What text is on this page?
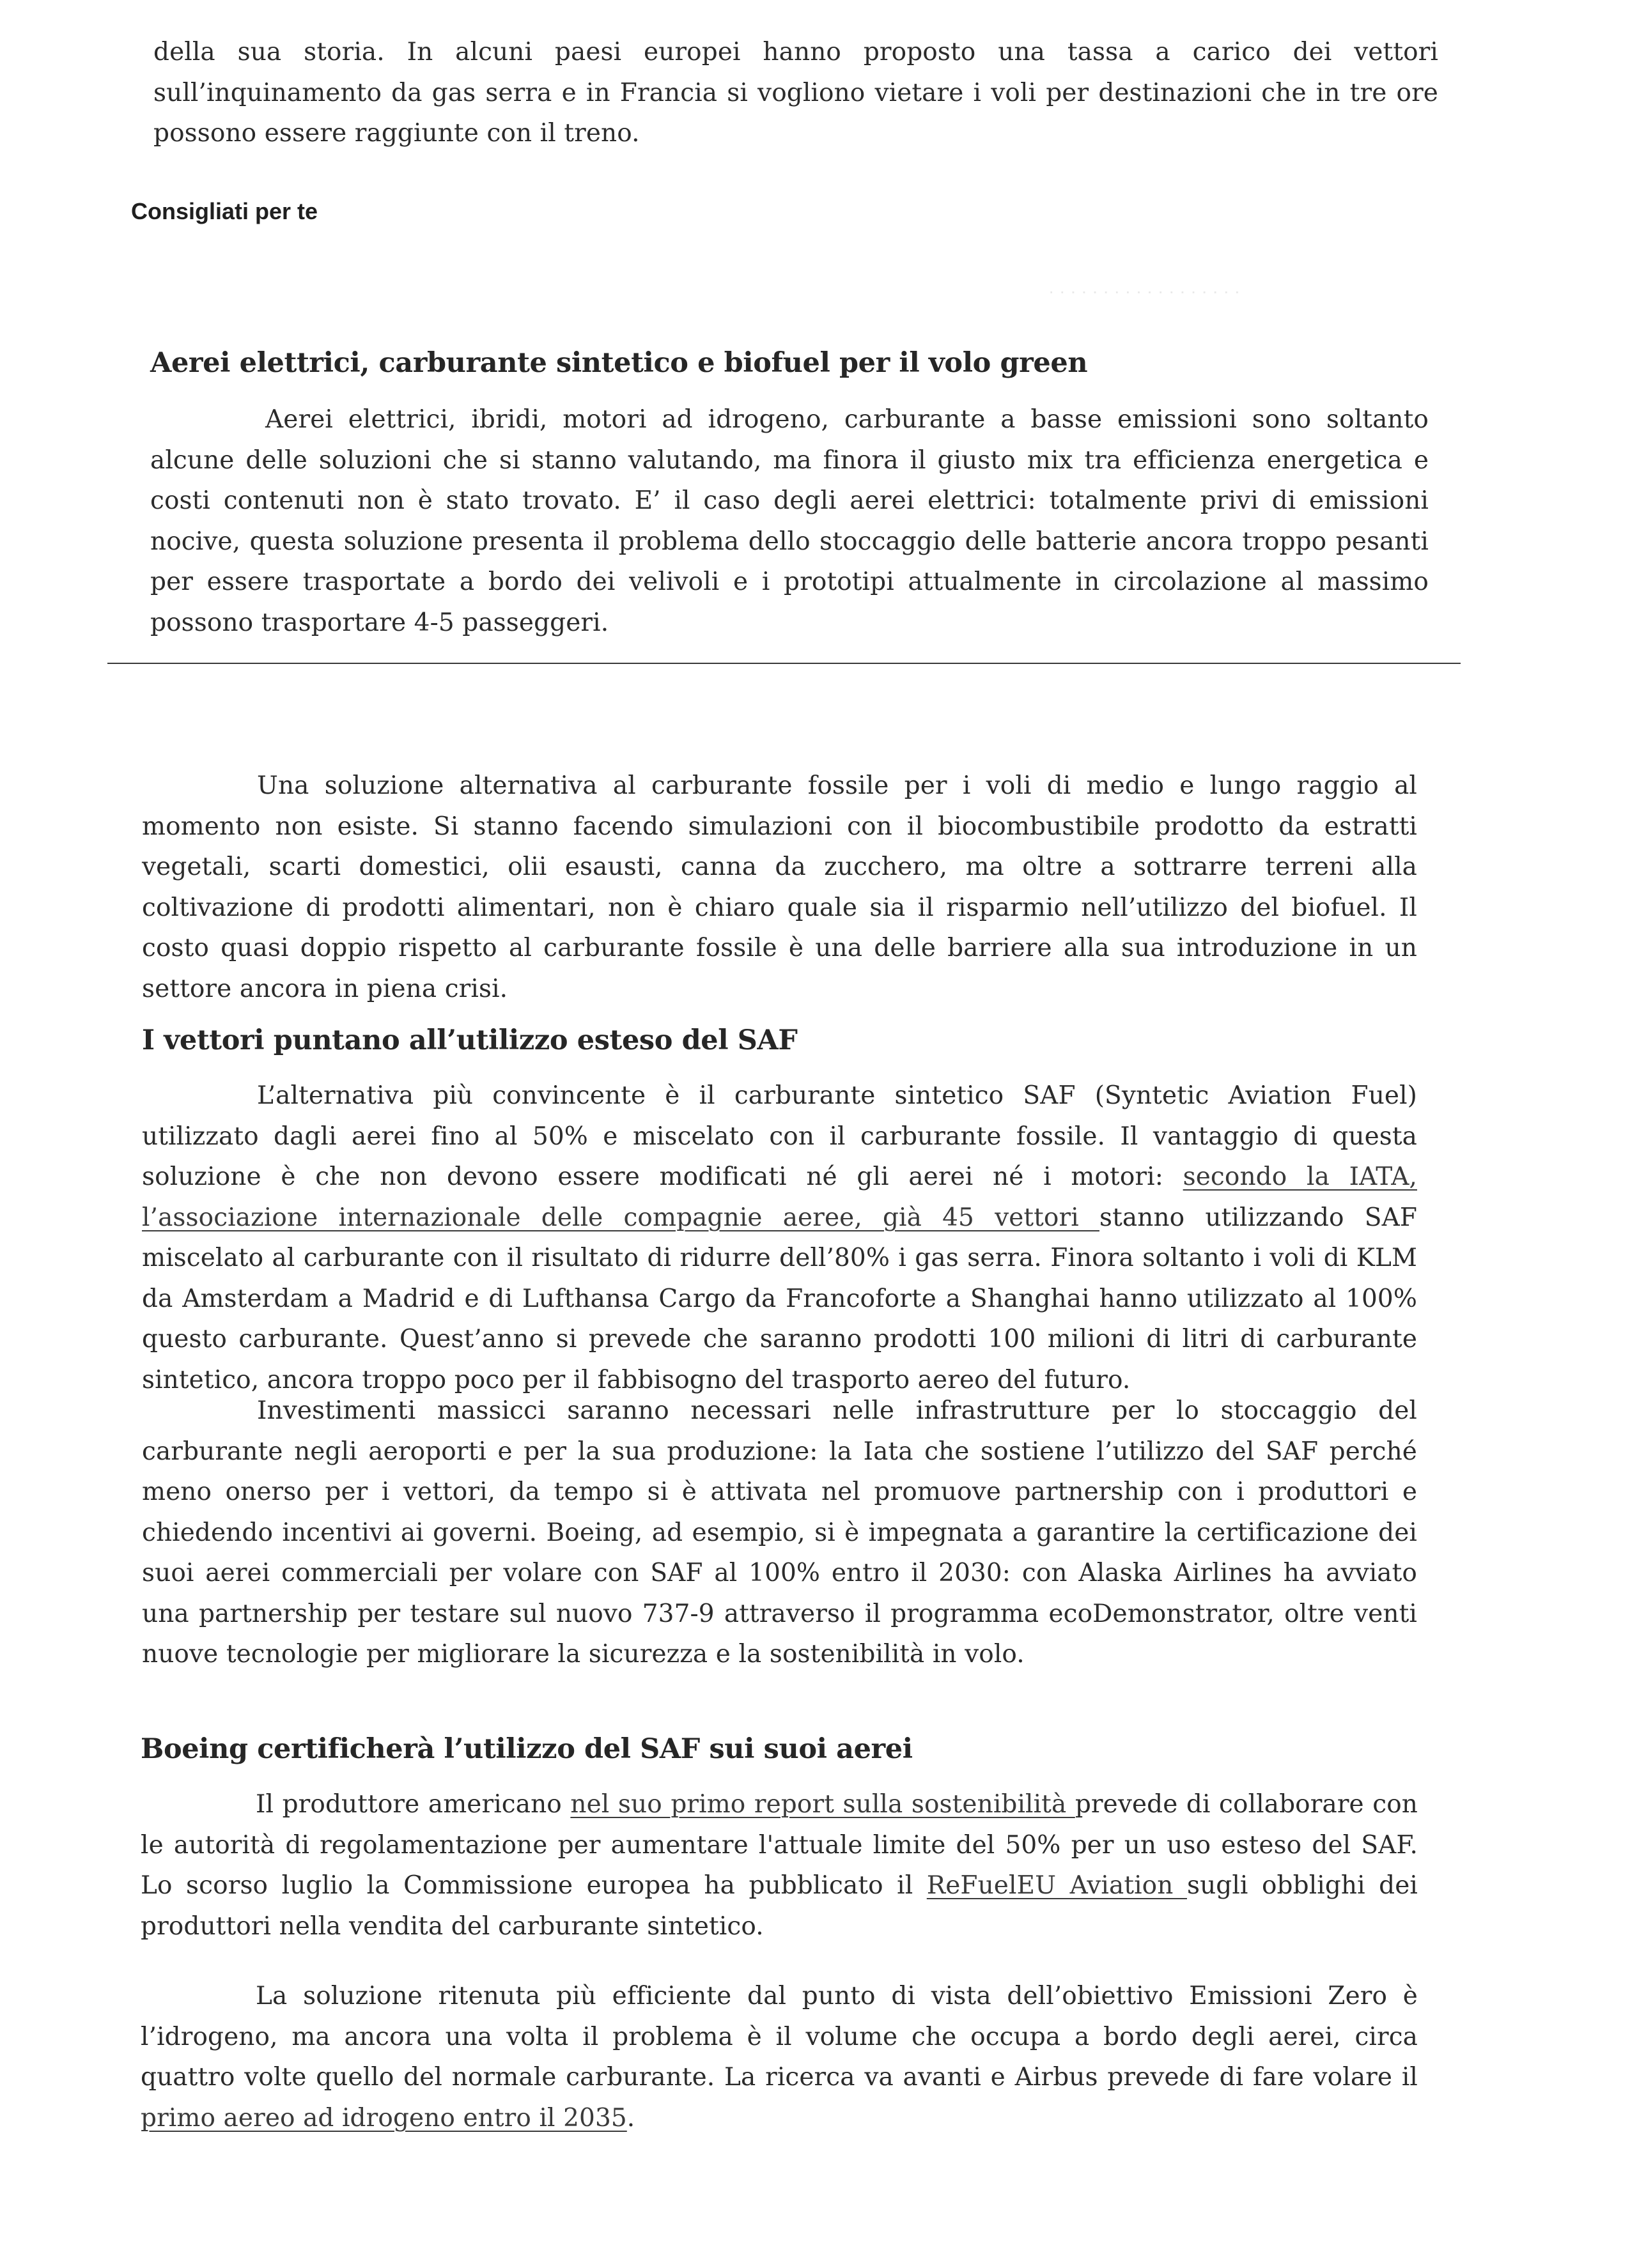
della sua storia. In alcuni paesi europei hanno proposto una tassa a carico dei vettori sull’inquinamento da gas serra e in Francia si vogliono vietare i voli per destinazioni che in tre ore possono essere raggiunte con il treno.
Consigliati per te
· · · · · · · · · · · · · · · · · ·
Aerei elettrici, carburante sintetico e biofuel per il volo green
Aerei elettrici, ibridi, motori ad idrogeno, carburante a basse emissioni sono soltanto alcune delle soluzioni che si stanno valutando, ma finora il giusto mix tra efficienza energetica e costi contenuti non è stato trovato. E’ il caso degli aerei elettrici: totalmente privi di emissioni nocive, questa soluzione presenta il problema dello stoccaggio delle batterie ancora troppo pesanti per essere trasportate a bordo dei velivoli e i prototipi attualmente in circolazione al massimo possono trasportare 4-5 passeggeri.
Una soluzione alternativa al carburante fossile per i voli di medio e lungo raggio al momento non esiste. Si stanno facendo simulazioni con il biocombustibile prodotto da estratti vegetali, scarti domestici, olii esausti, canna da zucchero, ma oltre a sottrarre terreni alla coltivazione di prodotti alimentari, non è chiaro quale sia il risparmio nell’utilizzo del biofuel. Il costo quasi doppio rispetto al carburante fossile è una delle barriere alla sua introduzione in un settore ancora in piena crisi.
I vettori puntano all’utilizzo esteso del SAF
L’alternativa più convincente è il carburante sintetico SAF (Syntetic Aviation Fuel) utilizzato dagli aerei fino al 50% e miscelato con il carburante fossile. Il vantaggio di questa soluzione è che non devono essere modificati né gli aerei né i motori: secondo la IATA, l’associazione internazionale delle compagnie aeree, già 45 vettori stanno utilizzando SAF miscelato al carburante con il risultato di ridurre dell’80% i gas serra. Finora soltanto i voli di KLM da Amsterdam a Madrid e di Lufthansa Cargo da Francoforte a Shanghai hanno utilizzato al 100% questo carburante. Quest’anno si prevede che saranno prodotti 100 milioni di litri di carburante sintetico, ancora troppo poco per il fabbisogno del trasporto aereo del futuro.
Investimenti massicci saranno necessari nelle infrastrutture per lo stoccaggio del carburante negli aeroporti e per la sua produzione: la Iata che sostiene l’utilizzo del SAF perché meno onerso per i vettori, da tempo si è attivata nel promuove partnership con i produttori e chiedendo incentivi ai governi. Boeing, ad esempio, si è impegnata a garantire la certificazione dei suoi aerei commerciali per volare con SAF al 100% entro il 2030: con Alaska Airlines ha avviato una partnership per testare sul nuovo 737-9 attraverso il programma ecoDemonstrator, oltre venti nuove tecnologie per migliorare la sicurezza e la sostenibilità in volo.
Boeing certificherà l’utilizzo del SAF sui suoi aerei
Il produttore americano nel suo primo report sulla sostenibilità prevede di collaborare con le autorità di regolamentazione per aumentare l'attuale limite del 50% per un uso esteso del SAF. Lo scorso luglio la Commissione europea ha pubblicato il ReFuelEU Aviation sugli obblighi dei produttori nella vendita del carburante sintetico.
La soluzione ritenuta più efficiente dal punto di vista dell’obiettivo Emissioni Zero è l’idrogeno, ma ancora una volta il problema è il volume che occupa a bordo degli aerei, circa quattro volte quello del normale carburante. La ricerca va avanti e Airbus prevede di fare volare il primo aereo ad idrogeno entro il 2035.
